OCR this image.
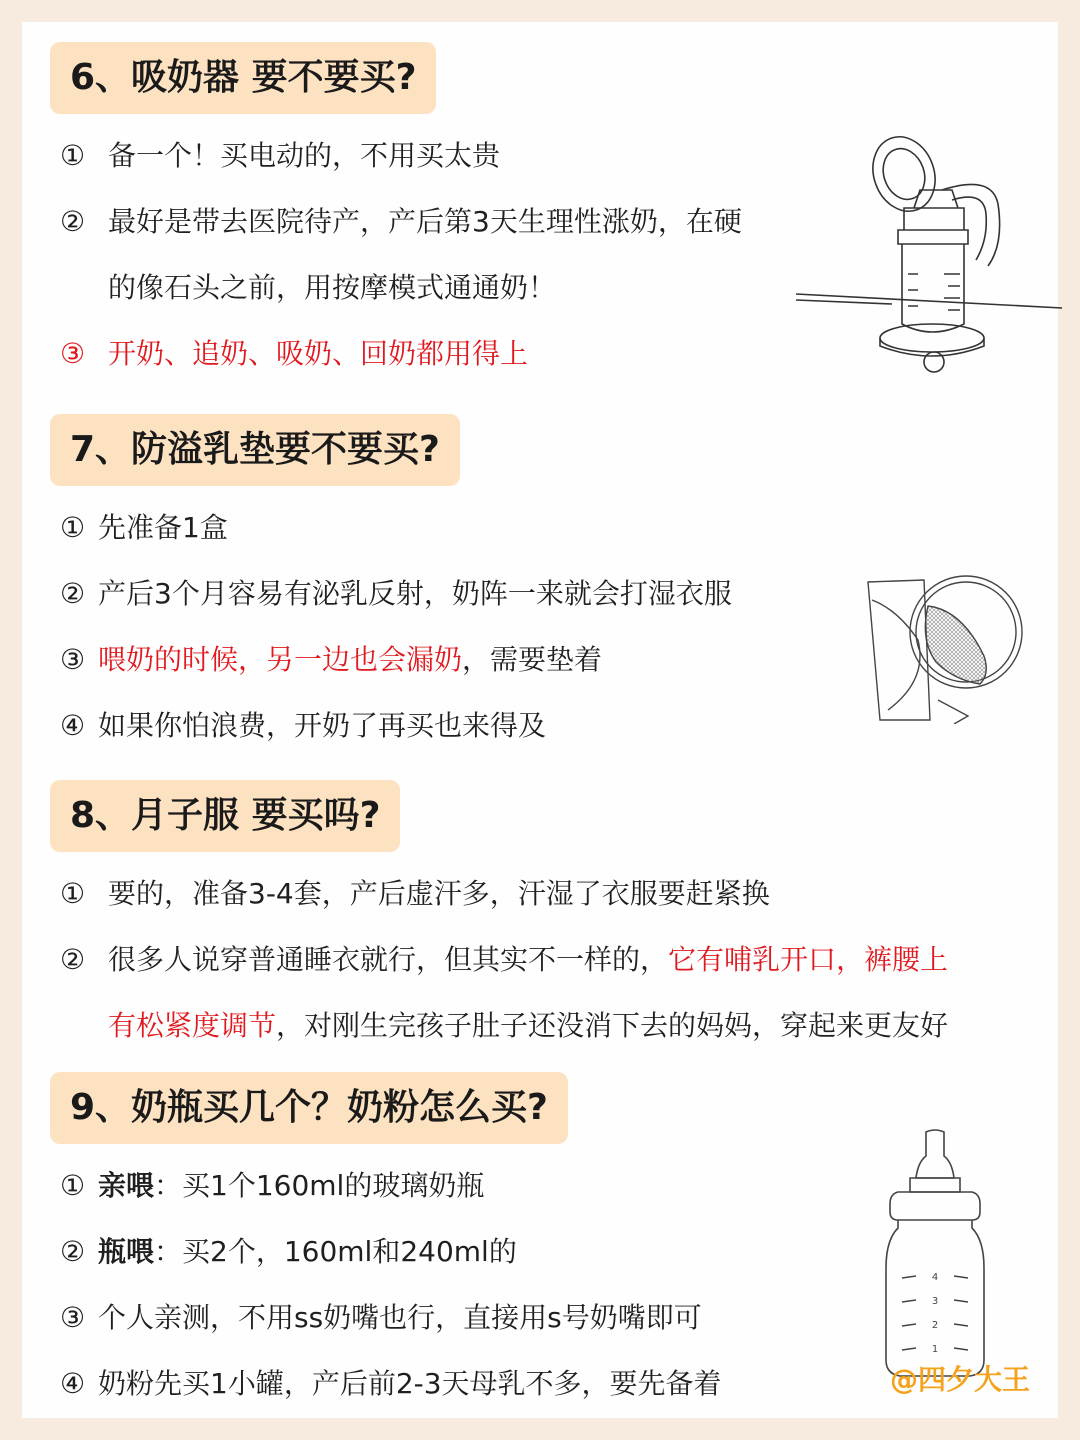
6、吸奶器 要不要买?
① 备一个！买电动的，不用买太贵
② 最好是带去医院待产，产后第3天生理性涨奶，在硬
的像石头之前，用按摩模式通通奶！
③ 开奶、追奶、吸奶、回奶都用得上
7、防溢乳垫要不要买?
① 先准备1盒
② 产后3个月容易有泌乳反射，奶阵一来就会打湿衣服
③ 喂奶的时候，另一边也会漏奶，需要垫着
④ 如果你怕浪费，开奶了再买也来得及
8、月子服 要买吗?
① 要的，准备3-4套，产后虚汗多，汗湿了衣服要赶紧换
② 很多人说穿普通睡衣就行，但其实不一样的，它有哺乳开口，裤腰上
有松紧度调节，对刚生完孩子肚子还没消下去的妈妈，穿起来更友好
9、奶瓶买几个？奶粉怎么买?
① 亲喂：买1个160ml的玻璃奶瓶
② 瓶喂：买2个，160ml和240ml的
③ 个人亲测，不用ss奶嘴也行，直接用s号奶嘴即可
④ 奶粉先买1小罐，产后前2-3天母乳不多，要先备着
4
3
2
1
@四夕大王
